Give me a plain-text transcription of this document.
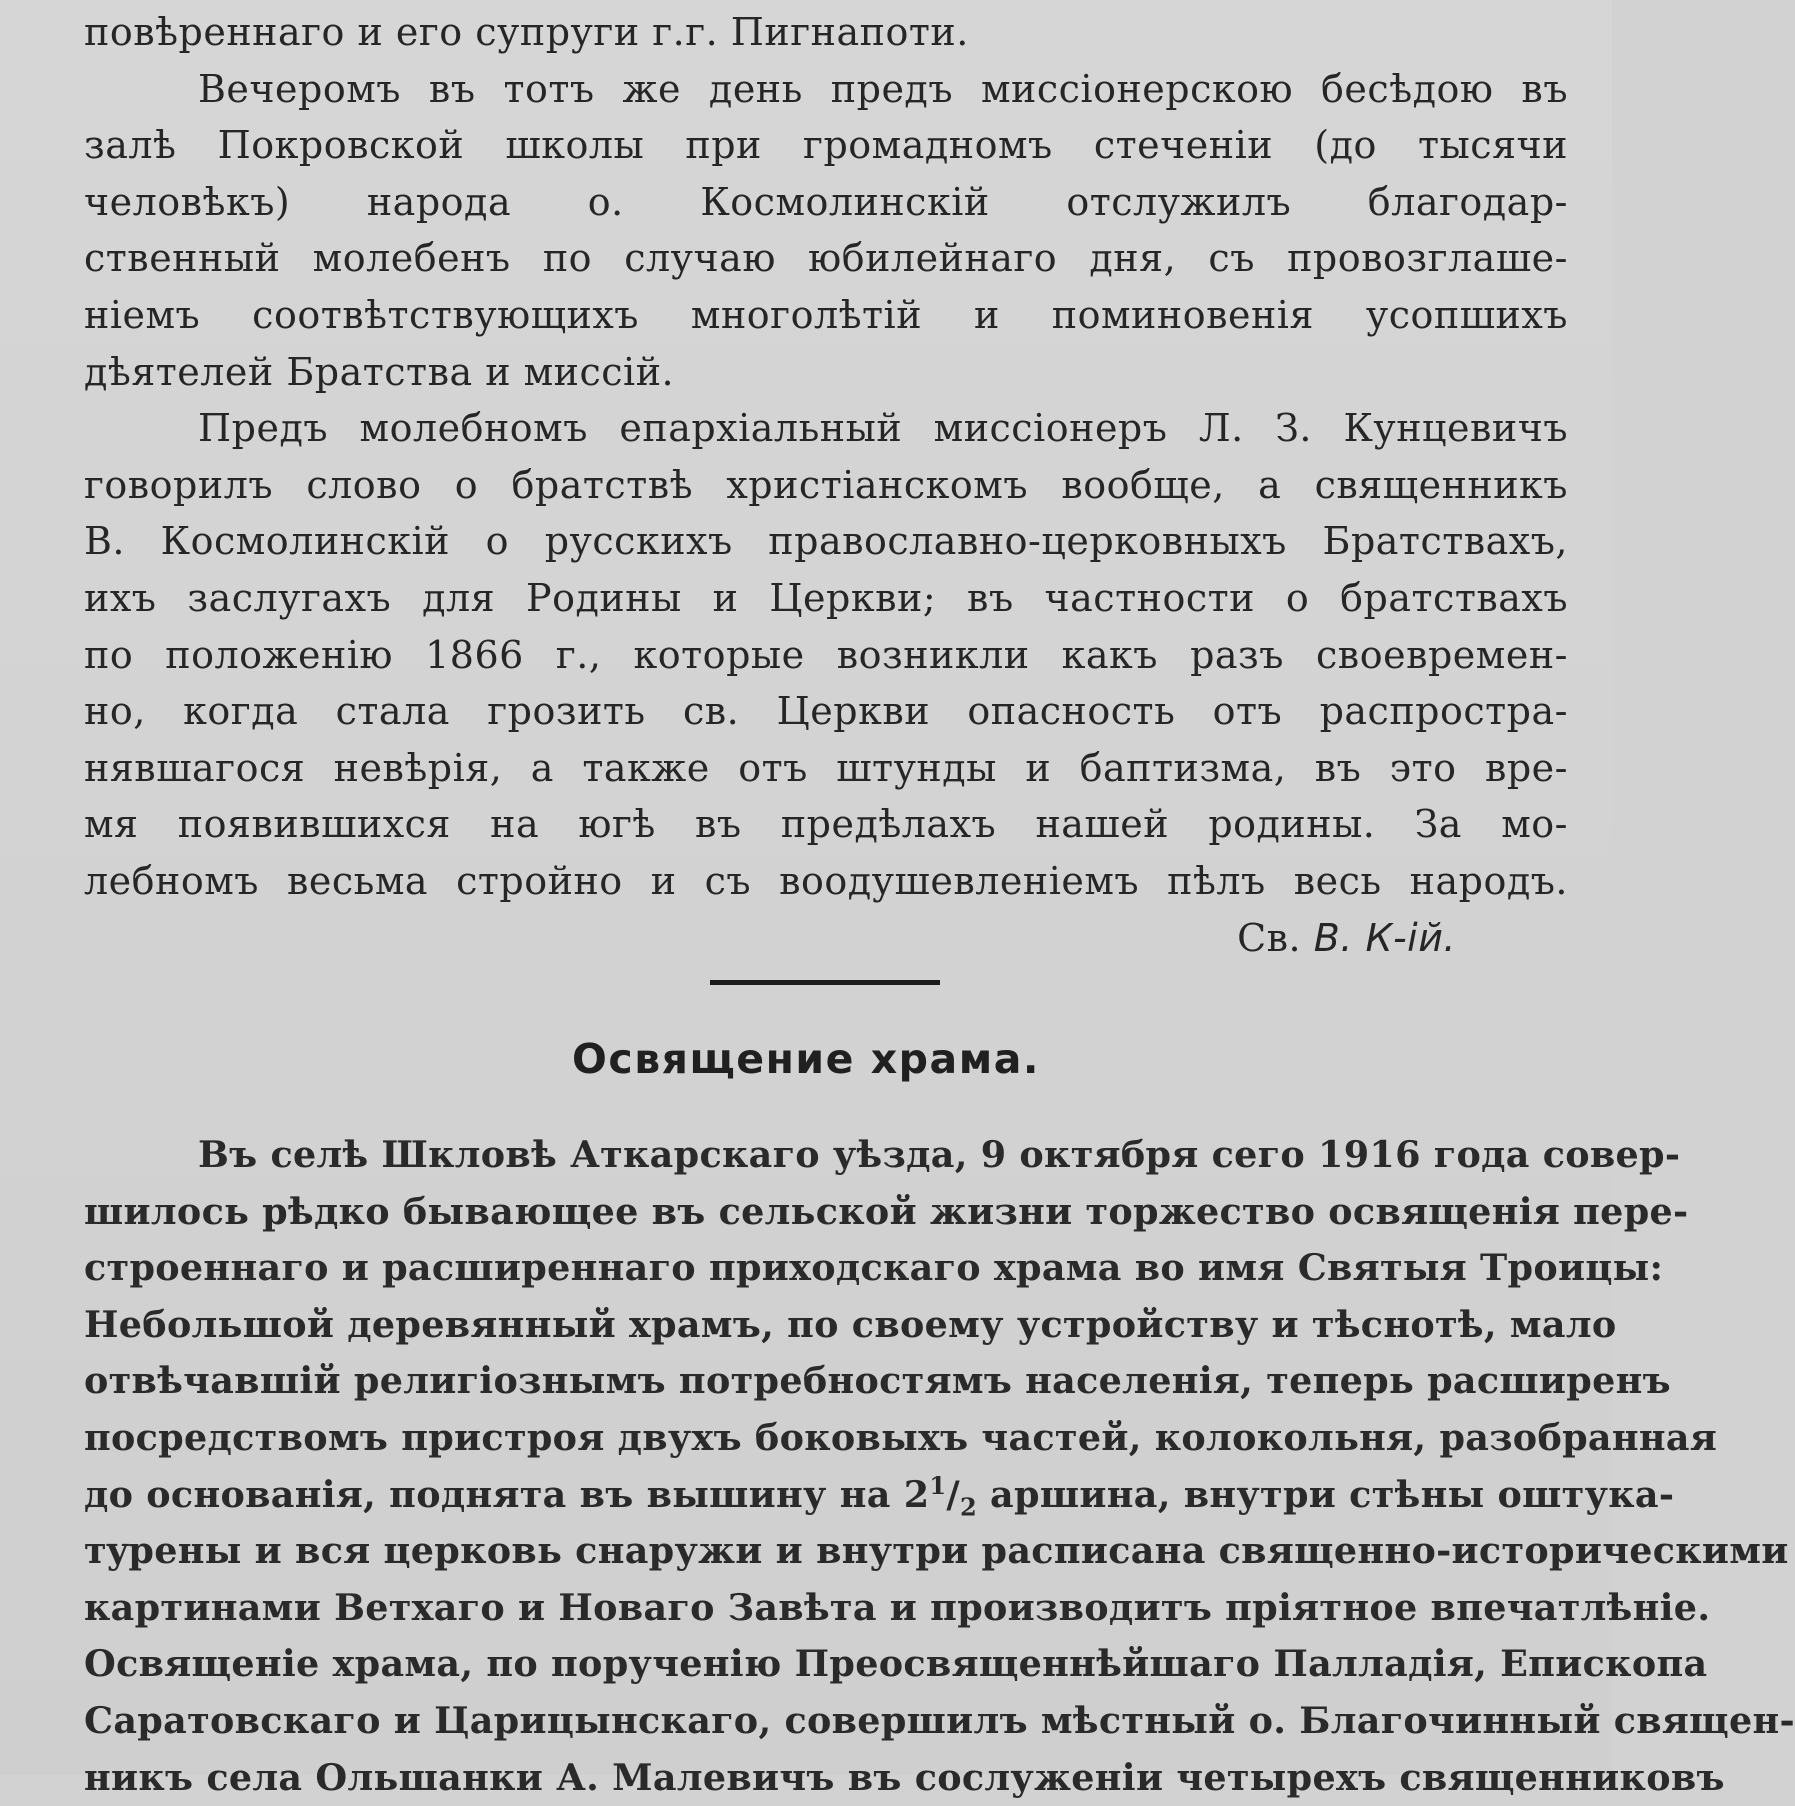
повѣреннаго и его супруги г.г. Пигнапоти.
Вечеромъ въ тотъ же день предъ миссіонерскою бесѣдою въ
залѣ Покровской школы при громадномъ стеченіи (до тысячи
человѣкъ) народа о. Космолинскій отслужилъ благодар-
ственный молебенъ по случаю юбилейнаго дня, съ провозглаше-
ніемъ соотвѣтствующихъ многолѣтій и поминовенія усопшихъ
дѣятелей Братства и миссій.
Предъ молебномъ епархіальный миссіонеръ Л. З. Кунцевичъ
говорилъ слово о братствѣ христіанскомъ вообще, а священникъ
В. Космолинскій о русскихъ православно-церковныхъ Братствахъ,
ихъ заслугахъ для Родины и Церкви; въ частности о братствахъ
по положенію 1866 г., которые возникли какъ разъ своевремен-
но, когда стала грозить св. Церкви опасность отъ распростра-
нявшагося невѣрія, а также отъ штунды и баптизма, въ это вре-
мя появившихся на югѣ въ предѣлахъ нашей родины. За мо-
лебномъ весьма стройно и съ воодушевленіемъ пѣлъ весь народъ.
Св. В. К-ій.
Освящение храма.
Въ селѣ Шкловѣ Аткарскаго уѣзда, 9 октября сего 1916 года совер-
шилось рѣдко бывающее въ сельской жизни торжество освященія пере-
строеннаго и расширеннаго приходскаго храма во имя Святыя Троицы:
Небольшой деревянный храмъ, по своему устройству и тѣснотѣ, мало
отвѣчавшій религіознымъ потребностямъ населенія, теперь расширенъ
посредствомъ пристроя двухъ боковыхъ частей, колокольня, разобранная
до основанія, поднята въ вышину на $2^1/_2$ аршина, внутри стѣны оштука-
тyрены и вся церковь снаружи и внутри расписана священно-историческими
картинами Ветхаго и Новаго Завѣта и производитъ пріятное впечатлѣніе.
Освященіе храма, по порученію Преосвященнѣйшаго Палладія, Епископа
Саратовскаго и Царицынскаго, совершилъ мѣстный о. Благочинный священ-
никъ села Ольшанки А. Малевичъ въ сослуженіи четырехъ священниковъ
